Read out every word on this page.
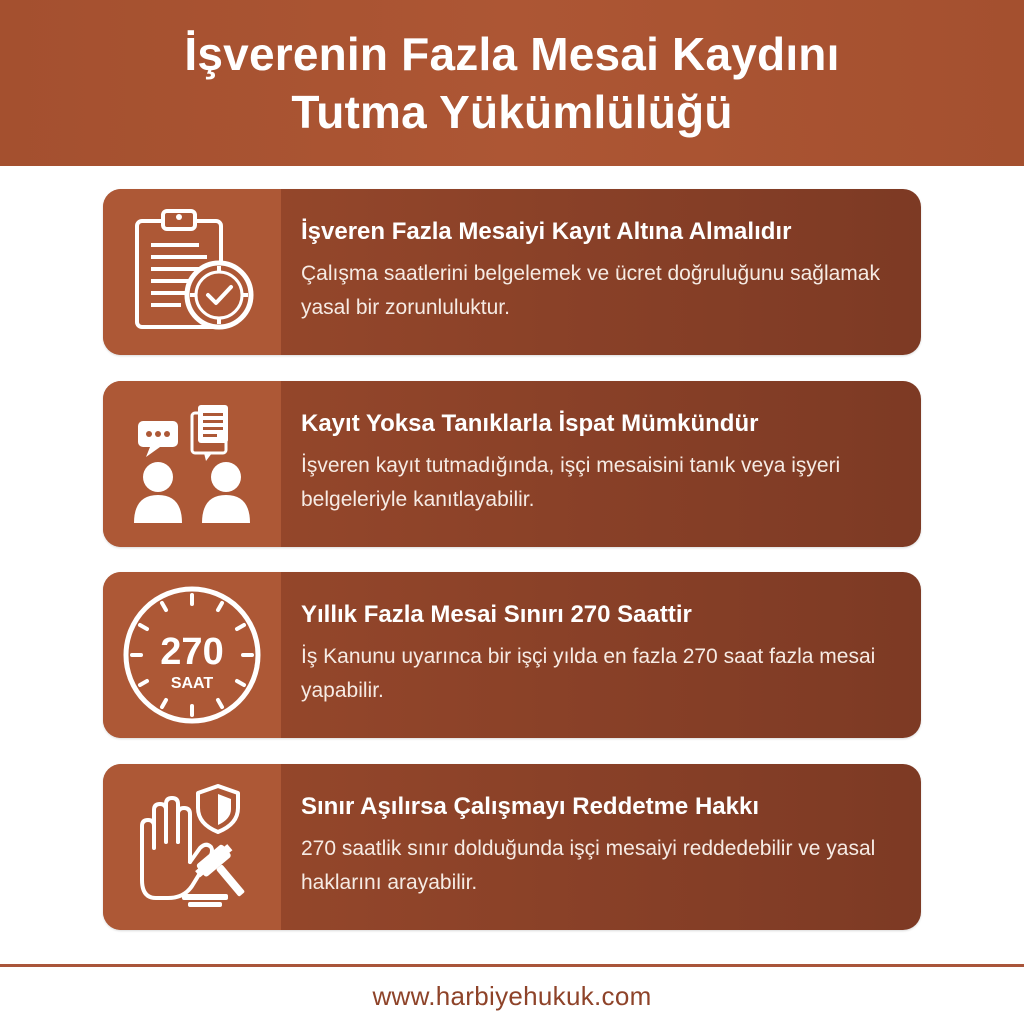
İşverenin Fazla Mesai Kaydını
Tutma Yükümlülüğü
İşveren Fazla Mesaiyi Kayıt Altına Almalıdır
Çalışma saatlerini belgelemek ve ücret doğruluğunu sağlamak yasal bir zorunluluktur.
Kayıt Yoksa Tanıklarla İspat Mümkündür
İşveren kayıt tutmadığında, işçi mesaisini tanık veya işyeri belgeleriyle kanıtlayabilir.
270
SAAT
Yıllık Fazla Mesai Sınırı 270 Saattir
İş Kanunu uyarınca bir işçi yılda en fazla 270 saat fazla mesai yapabilir.
Sınır Aşılırsa Çalışmayı Reddetme Hakkı
270 saatlik sınır dolduğunda işçi mesaiyi reddedebilir ve yasal haklarını arayabilir.
www.harbiyehukuk.com
